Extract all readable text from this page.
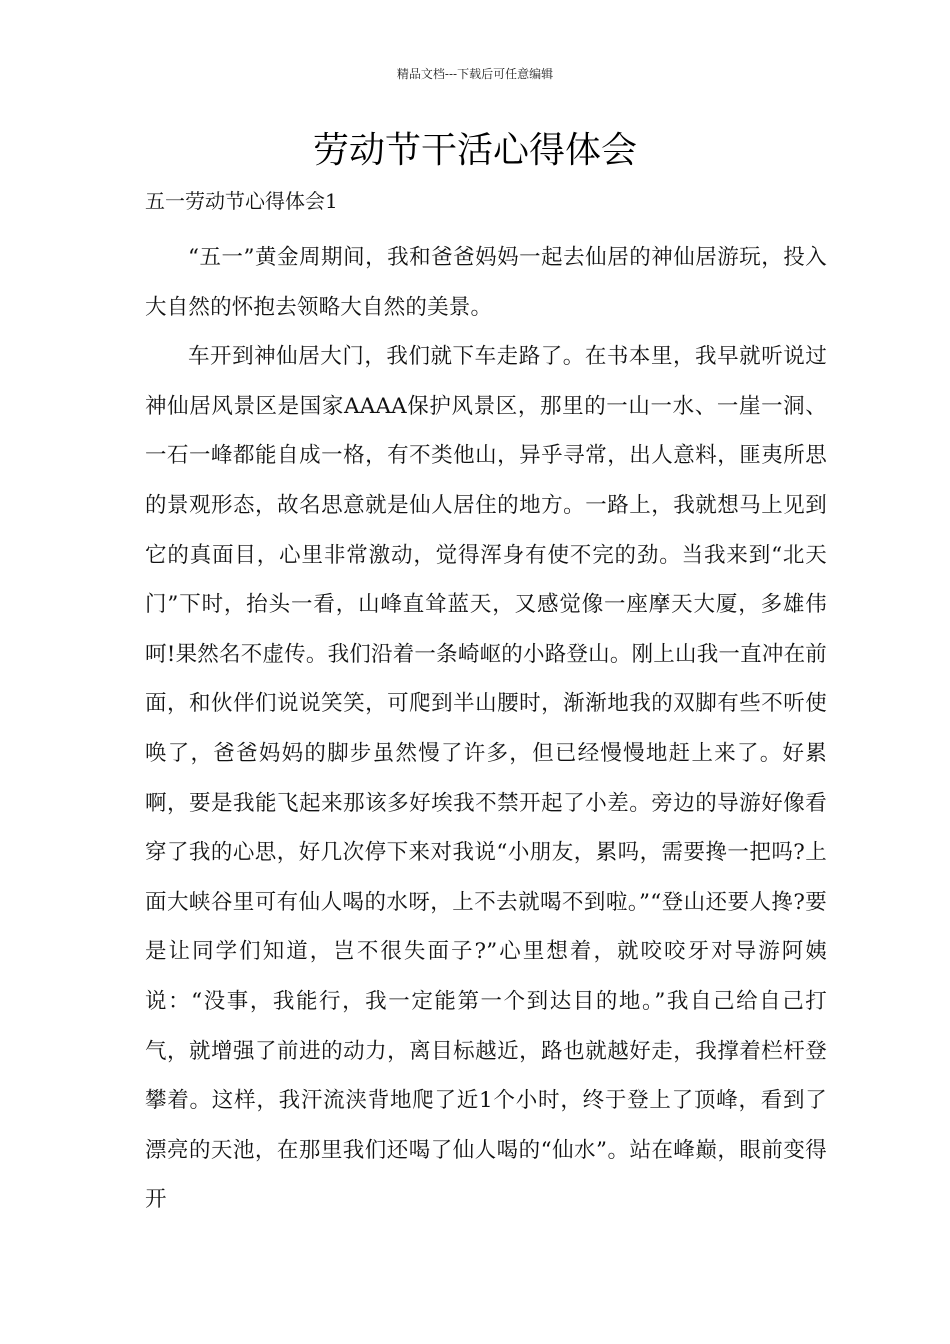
精品文档---下载后可任意编辑
劳动节干活心得体会

五一劳动节心得体会1

“五一”黄金周期间，我和爸爸妈妈一起去仙居的神仙居游玩，投入大自然的怀抱去领略大自然的美景。

车开到神仙居大门，我们就下车走路了。在书本里，我早就听说过神仙居风景区是国家AAAA保护风景区，那里的一山一水、一崖一洞、一石一峰都能自成一格，有不类他山，异乎寻常，出人意料，匪夷所思的景观形态，故名思意就是仙人居住的地方。一路上，我就想马上见到它的真面目，心里非常激动，觉得浑身有使不完的劲。当我来到“北天门”下时，抬头一看，山峰直耸蓝天，又感觉像一座摩天大厦，多雄伟呵!果然名不虚传。我们沿着一条崎岖的小路登山。刚上山我一直冲在前面，和伙伴们说说笑笑，可爬到半山腰时，渐渐地我的双脚有些不听使唤了，爸爸妈妈的脚步虽然慢了许多，但已经慢慢地赶上来了。好累啊，要是我能飞起来那该多好埃我不禁开起了小差。旁边的导游好像看穿了我的心思，好几次停下来对我说“小朋友，累吗，需要搀一把吗?上面大峡谷里可有仙人喝的水呀，上不去就喝不到啦。”“登山还要人搀?要是让同学们知道，岂不很失面子?”心里想着，就咬咬牙对导游阿姨说：“没事，我能行，我一定能第一个到达目的地。”我自己给自己打气，就增强了前进的动力，离目标越近，路也就越好走，我撑着栏杆登攀着。这样，我汗流浃背地爬了近1个小时，终于登上了顶峰，看到了漂亮的天池，在那里我们还喝了仙人喝的“仙水”。站在峰巅，眼前变得开
